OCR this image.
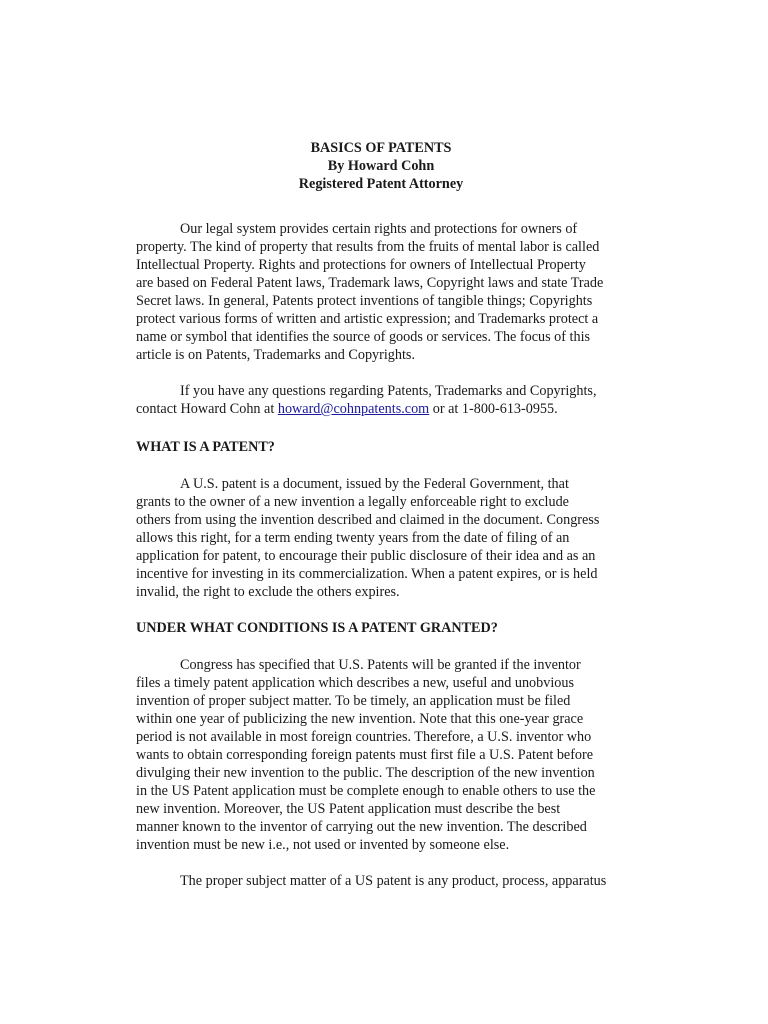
BASICS OF PATENTS
By Howard Cohn
Registered Patent Attorney

Our legal system provides certain rights and protections for owners of
property. The kind of property that results from the fruits of mental labor is called
Intellectual Property. Rights and protections for owners of Intellectual Property
are based on Federal Patent laws, Trademark laws, Copyright laws and state Trade
Secret laws. In general, Patents protect inventions of tangible things; Copyrights
protect various forms of written and artistic expression; and Trademarks protect a
name or symbol that identifies the source of goods or services. The focus of this
article is on Patents, Trademarks and Copyrights.

If you have any questions regarding Patents, Trademarks and Copyrights,
contact Howard Cohn at howard@cohnpatents.com or at 1-800-613-0955.

WHAT IS A PATENT?

A U.S. patent is a document, issued by the Federal Government, that
grants to the owner of a new invention a legally enforceable right to exclude
others from using the invention described and claimed in the document. Congress
allows this right, for a term ending twenty years from the date of filing of an
application for patent, to encourage their public disclosure of their idea and as an
incentive for investing in its commercialization. When a patent expires, or is held
invalid, the right to exclude the others expires.

UNDER WHAT CONDITIONS IS A PATENT GRANTED?

Congress has specified that U.S. Patents will be granted if the inventor
files a timely patent application which describes a new, useful and unobvious
invention of proper subject matter. To be timely, an application must be filed
within one year of publicizing the new invention. Note that this one-year grace
period is not available in most foreign countries. Therefore, a U.S. inventor who
wants to obtain corresponding foreign patents must first file a U.S. Patent before
divulging their new invention to the public. The description of the new invention
in the US Patent application must be complete enough to enable others to use the
new invention. Moreover, the US Patent application must describe the best
manner known to the inventor of carrying out the new invention. The described
invention must be new i.e., not used or invented by someone else.

The proper subject matter of a US patent is any product, process, apparatus
